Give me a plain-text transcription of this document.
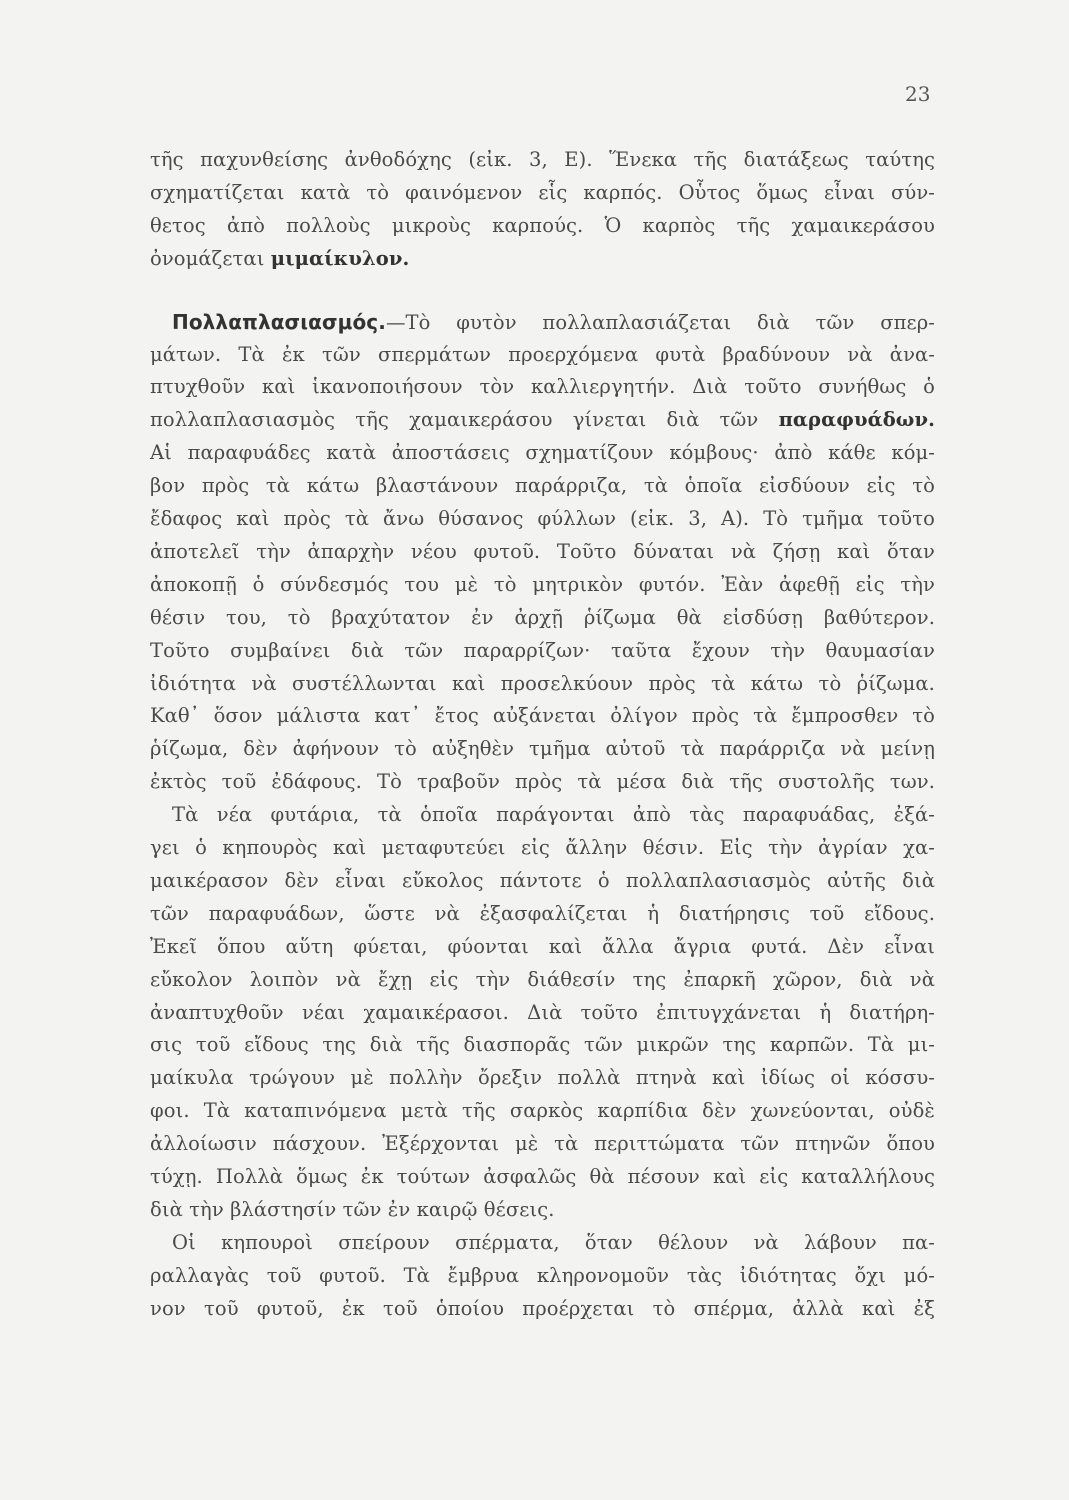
23
τῆς παχυνθείσης ἀνθοδόχης (εἰκ. 3, Ε). Ἕνεκα τῆς διατάξεως ταύτης
σχηματίζεται κατὰ τὸ φαινόμενον εἷς καρπός. Οὗτος ὅμως εἶναι σύν-
θετος ἀπὸ πολλοὺς μικροὺς καρπούς. Ὁ καρπὸς τῆς χαμαικεράσου
ὀνομάζεται μιμαίκυλον.
Πολλαπλασιασμός.—Τὸ φυτὸν πολλαπλασιάζεται διὰ τῶν σπερ-
μάτων. Τὰ ἐκ τῶν σπερμάτων προερχόμενα φυτὰ βραδύνουν νὰ ἀνα-
πτυχθοῦν καὶ ἱκανοποιήσουν τὸν καλλιεργητήν. Διὰ τοῦτο συνήθως ὁ
πολλαπλασιασμὸς τῆς χαμαικεράσου γίνεται διὰ τῶν παραφυάδων.
Αἱ παραφυάδες κατὰ ἀποστάσεις σχηματίζουν κόμβους· ἀπὸ κάθε κόμ-
βον πρὸς τὰ κάτω βλαστάνουν παράρριζα, τὰ ὁποῖα εἰσδύουν εἰς τὸ
ἔδαφος καὶ πρὸς τὰ ἄνω θύσανος φύλλων (εἰκ. 3, Α). Τὸ τμῆμα τοῦτο
ἀποτελεῖ τὴν ἀπαρχὴν νέου φυτοῦ. Τοῦτο δύναται νὰ ζήσῃ καὶ ὅταν
ἀποκοπῇ ὁ σύνδεσμός του μὲ τὸ μητρικὸν φυτόν. Ἐὰν ἀφεθῇ εἰς τὴν
θέσιν του, τὸ βραχύτατον ἐν ἀρχῇ ῥίζωμα θὰ εἰσδύσῃ βαθύτερον.
Τοῦτο συμβαίνει διὰ τῶν παραρρίζων· ταῦτα ἔχουν τὴν θαυμασίαν
ἰδιότητα νὰ συστέλλωνται καὶ προσελκύουν πρὸς τὰ κάτω τὸ ῥίζωμα.
Καθ᾽ ὅσον μάλιστα κατ᾽ ἔτος αὐξάνεται ὀλίγον πρὸς τὰ ἔμπροσθεν τὸ
ῥίζωμα, δὲν ἀφήνουν τὸ αὐξηθὲν τμῆμα αὐτοῦ τὰ παράρριζα νὰ μείνῃ
ἐκτὸς τοῦ ἐδάφους. Τὸ τραβοῦν πρὸς τὰ μέσα διὰ τῆς συστολῆς των.
Τὰ νέα φυτάρια, τὰ ὁποῖα παράγονται ἀπὸ τὰς παραφυάδας, ἐξά-
γει ὁ κηπουρὸς καὶ μεταφυτεύει εἰς ἄλλην θέσιν. Εἰς τὴν ἀγρίαν χα-
μαικέρασον δὲν εἶναι εὔκολος πάντοτε ὁ πολλαπλασιασμὸς αὐτῆς διὰ
τῶν παραφυάδων, ὥστε νὰ ἐξασφαλίζεται ἡ διατήρησις τοῦ εἴδους.
Ἐκεῖ ὅπου αὕτη φύεται, φύονται καὶ ἄλλα ἄγρια φυτά. Δὲν εἶναι
εὔκολον λοιπὸν νὰ ἔχῃ εἰς τὴν διάθεσίν της ἐπαρκῆ χῶρον, διὰ νὰ
ἀναπτυχθοῦν νέαι χαμαικέρασοι. Διὰ τοῦτο ἐπιτυγχάνεται ἡ διατήρη-
σις τοῦ εἴδους της διὰ τῆς διασπορᾶς τῶν μικρῶν της καρπῶν. Τὰ μι-
μαίκυλα τρώγουν μὲ πολλὴν ὄρεξιν πολλὰ πτηνὰ καὶ ἰδίως οἱ κόσσυ-
φοι. Τὰ καταπινόμενα μετὰ τῆς σαρκὸς καρπίδια δὲν χωνεύονται, οὐδὲ
ἀλλοίωσιν πάσχουν. Ἐξέρχονται μὲ τὰ περιττώματα τῶν πτηνῶν ὅπου
τύχῃ. Πολλὰ ὅμως ἐκ τούτων ἀσφαλῶς θὰ πέσουν καὶ εἰς καταλλήλους
διὰ τὴν βλάστησίν τῶν ἐν καιρῷ θέσεις.
Οἱ κηπουροὶ σπείρουν σπέρματα, ὅταν θέλουν νὰ λάβουν πα-
ραλλαγὰς τοῦ φυτοῦ. Τὰ ἔμβρυα κληρονομοῦν τὰς ἰδιότητας ὄχι μό-
νον τοῦ φυτοῦ, ἐκ τοῦ ὁποίου προέρχεται τὸ σπέρμα, ἀλλὰ καὶ ἐξ
